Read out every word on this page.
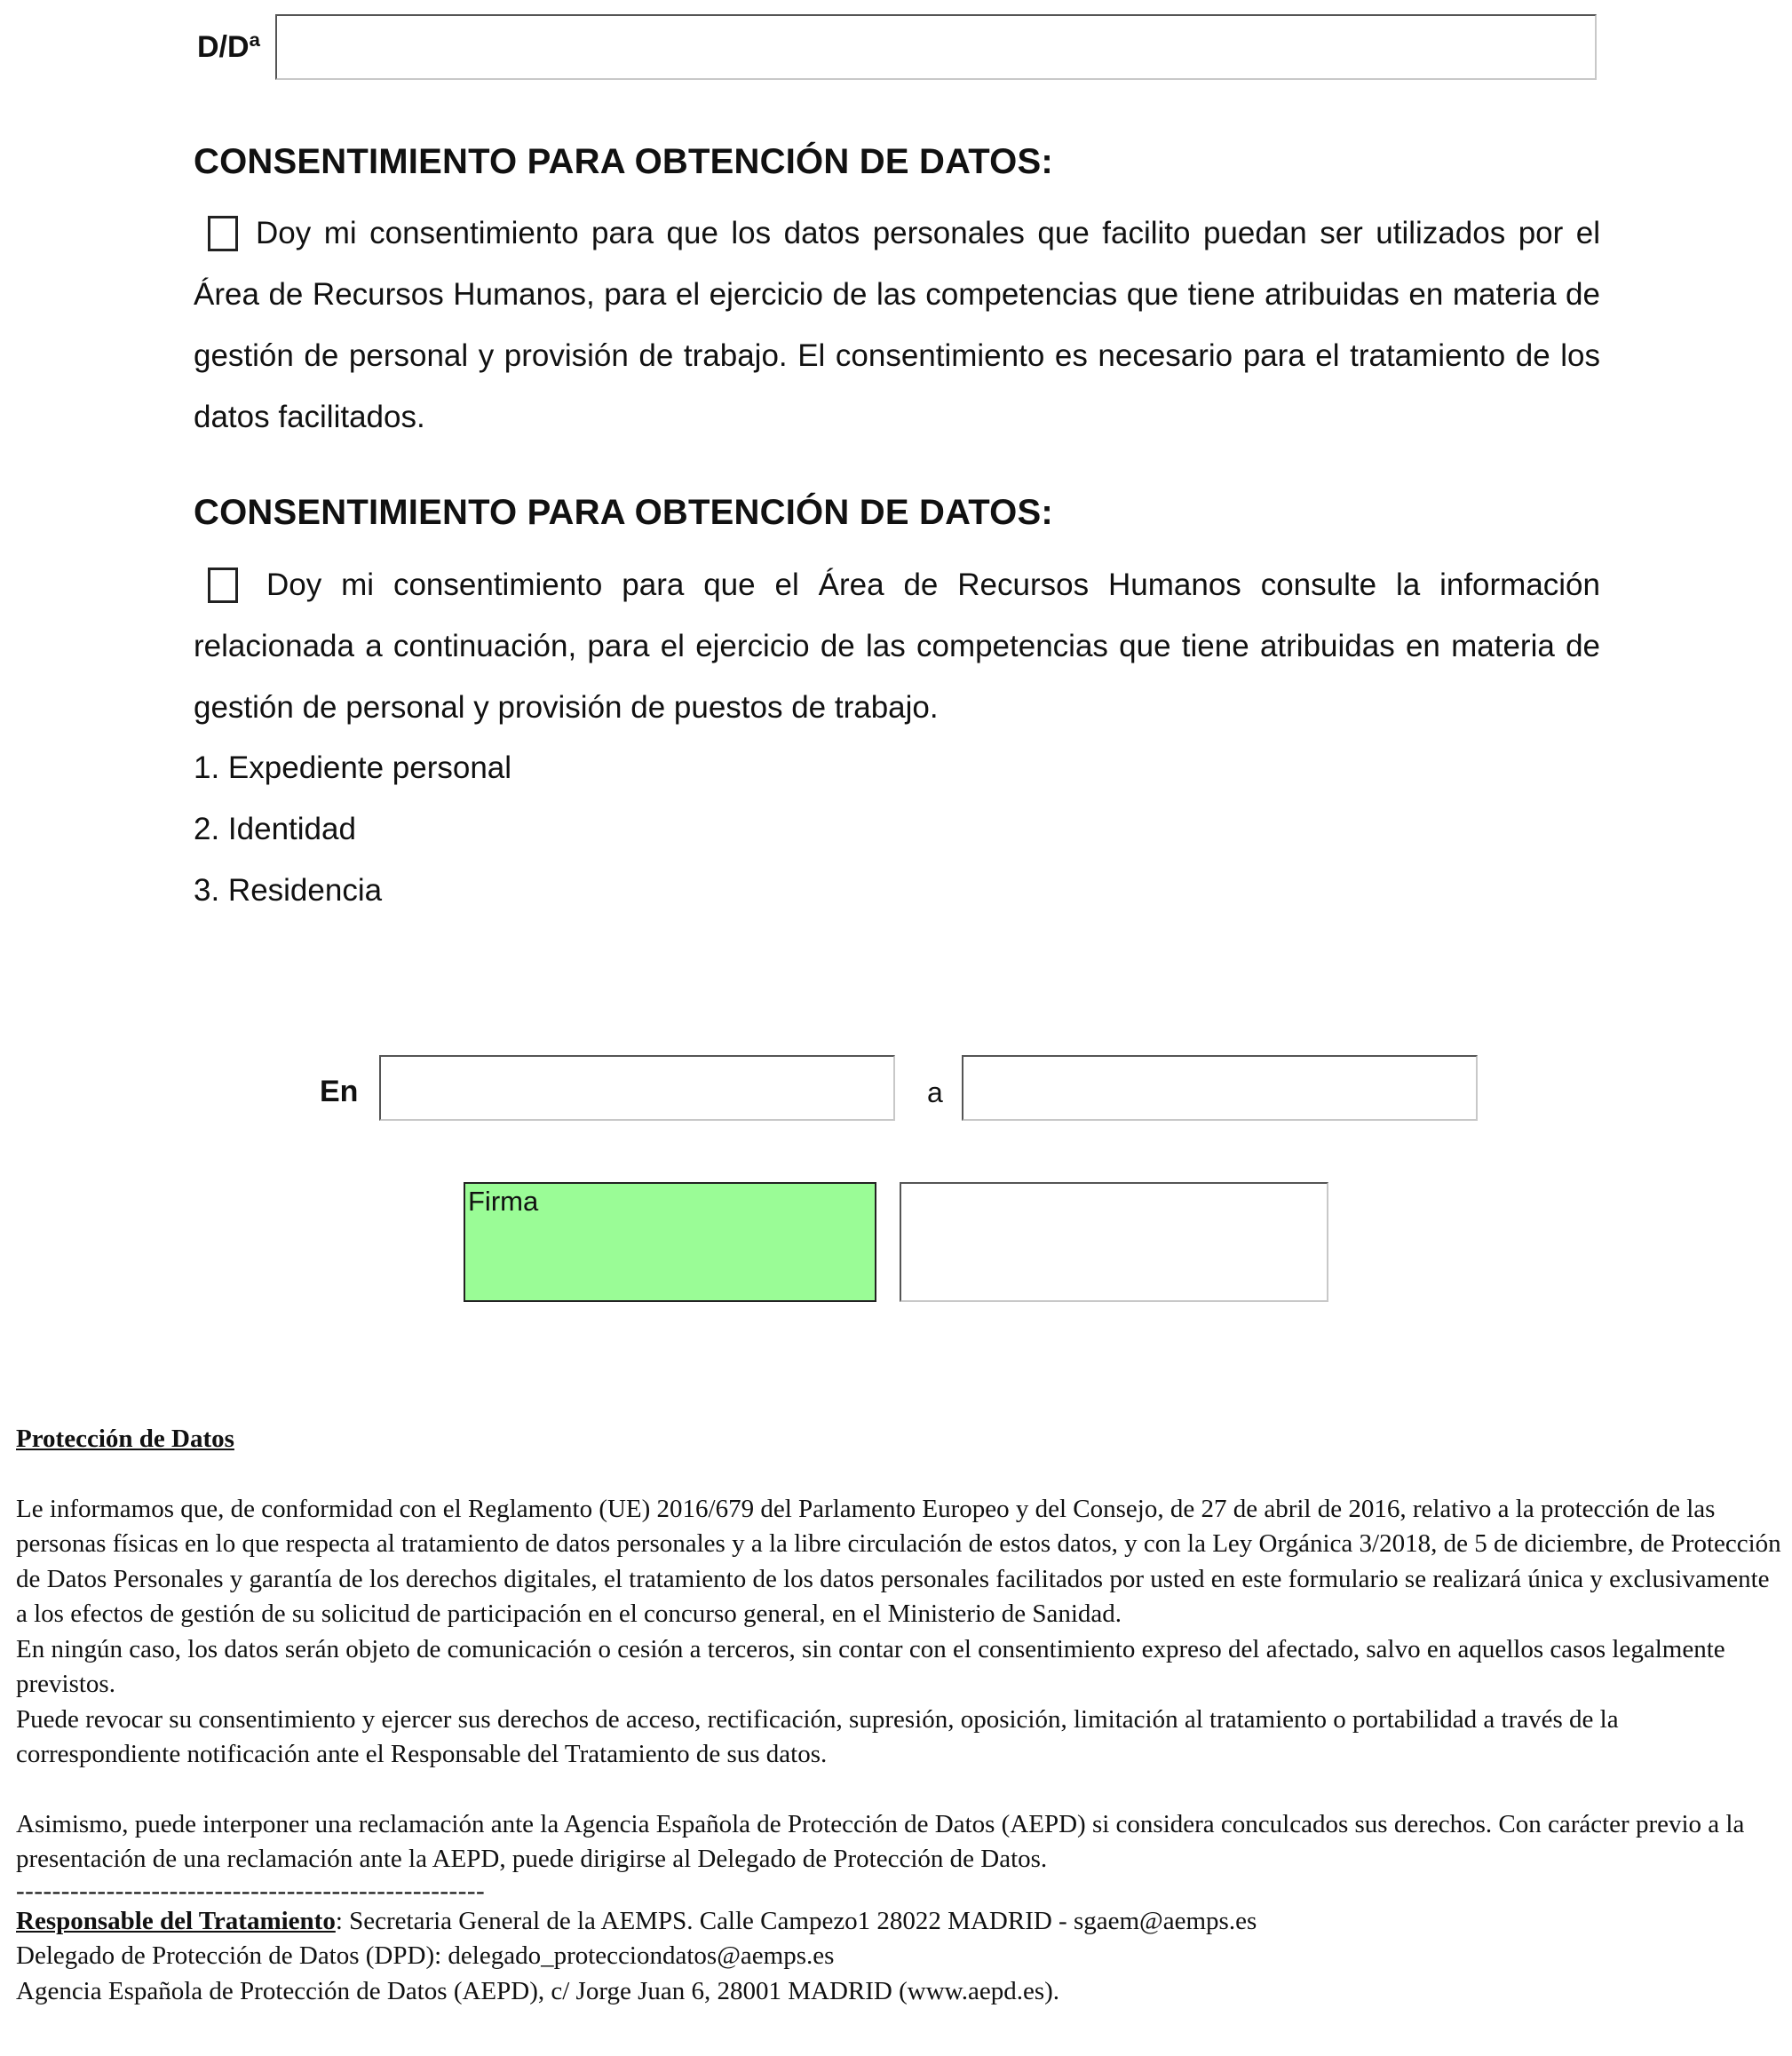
D/Dª
CONSENTIMIENTO PARA OBTENCIÓN DE DATOS:
Doy mi consentimiento para que los datos personales que facilito puedan ser utilizados por el Área de Recursos Humanos, para el ejercicio de las competencias que tiene atribuidas en materia de gestión de personal y provisión de trabajo. El consentimiento es necesario para el tratamiento de los datos facilitados.
CONSENTIMIENTO PARA OBTENCIÓN DE DATOS:
Doy mi consentimiento para que el Área de Recursos Humanos consulte la información relacionada a continuación, para el ejercicio de las competencias que tiene atribuidas en materia de gestión de personal y provisión de puestos de trabajo.
1. Expediente personal
2. Identidad
3. Residencia
En	a
Firma

Protección de Datos

Le informamos que, de conformidad con el Reglamento (UE) 2016/679 del Parlamento Europeo y del Consejo, de 27 de abril de 2016, relativo a la protección de las personas físicas en lo que respecta al tratamiento de datos personales y a la libre circulación de estos datos, y con la Ley Orgánica 3/2018, de 5 de diciembre, de Protección de Datos Personales y garantía de los derechos digitales, el tratamiento de los datos personales facilitados por usted en este formulario se realizará única y exclusivamente a los efectos de gestión de su solicitud de participación en el concurso general, en el Ministerio de Sanidad.

En ningún caso, los datos serán objeto de comunicación o cesión a terceros, sin contar con el consentimiento expreso del afectado, salvo en aquellos casos legalmente previstos.

Puede revocar su consentimiento y ejercer sus derechos de acceso, rectificación, supresión, oposición, limitación al tratamiento o portabilidad a través de la correspondiente notificación ante el Responsable del Tratamiento de sus datos.

Asimismo, puede interponer una reclamación ante la Agencia Española de Protección de Datos (AEPD) si considera conculcados sus derechos. Con carácter previo a la presentación de una reclamación ante la AEPD, puede dirigirse al Delegado de Protección de Datos.

----------------------------------------------------

Responsable del Tratamiento: Secretaria General de la AEMPS. Calle Campezo1 28022 MADRID - sgaem@aemps.es

Delegado de Protección de Datos (DPD): delegado_protecciondatos@aemps.es

Agencia Española de Protección de Datos (AEPD), c/ Jorge Juan 6, 28001 MADRID (www.aepd.es).
